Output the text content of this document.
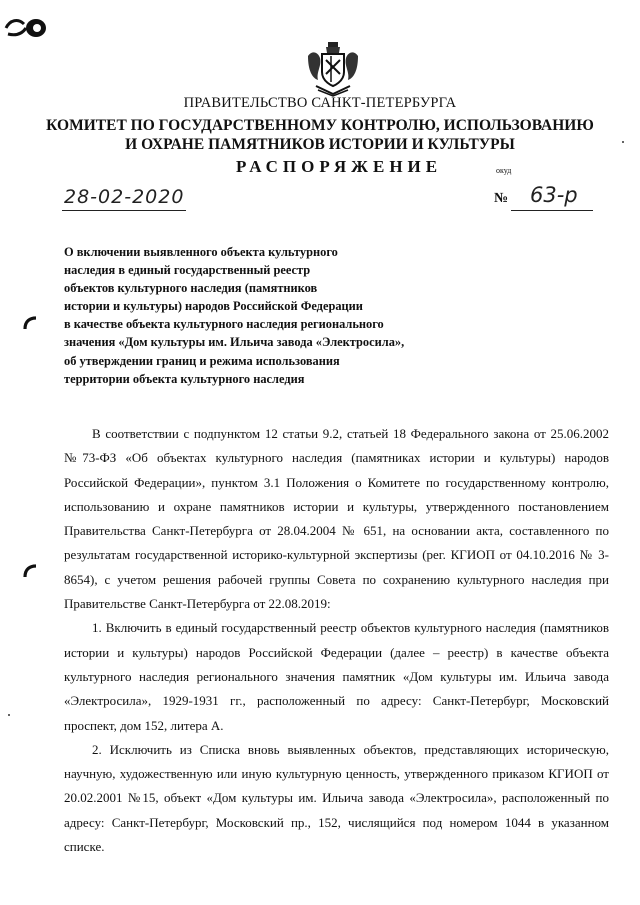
ПРАВИТЕЛЬСТВО САНКТ-ПЕТЕРБУРГА
КОМИТЕТ ПО ГОСУДАРСТВЕННОМУ КОНТРОЛЮ, ИСПОЛЬЗОВАНИЮ
И ОХРАНЕ ПАМЯТНИКОВ ИСТОРИИ И КУЛЬТУРЫ
РАСПОРЯЖЕНИЕ	окуд
28-02-2020	№ 63-р
О включении выявленного объекта культурного
наследия в единый государственный реестр
объектов культурного наследия (памятников
истории и культуры) народов Российской Федерации
в качестве объекта культурного наследия регионального
значения «Дом культуры им. Ильича завода «Электросила»,
об утверждении границ и режима использования
территории объекта культурного наследия

В соответствии с подпунктом 12 статьи 9.2, статьей 18 Федерального закона от 25.06.2002 №73-ФЗ «Об объектах культурного наследия (памятниках истории и культуры) народов Российской Федерации», пунктом 3.1 Положения о Комитете по государственному контролю, использованию и охране памятников истории и культуры, утвержденного постановлением Правительства Санкт-Петербурга от 28.04.2004 № 651, на основании акта, составленного по результатам государственной историко-культурной экспертизы (рег. КГИОП от 04.10.2016 № 3-8654), с учетом решения рабочей группы Совета по сохранению культурного наследия при Правительстве Санкт-Петербурга от 22.08.2019:

1. Включить в единый государственный реестр объектов культурного наследия (памятников истории и культуры) народов Российской Федерации (далее – реестр) в качестве объекта культурного наследия регионального значения памятник «Дом культуры им. Ильича завода «Электросила», 1929-1931 гг., расположенный по адресу: Санкт-Петербург, Московский проспект, дом 152, литера А.

2. Исключить из Списка вновь выявленных объектов, представляющих историческую, научную, художественную или иную культурную ценность, утвержденного приказом КГИОП от 20.02.2001 №15, объект «Дом культуры им. Ильича завода «Электросила», расположенный по адресу: Санкт-Петербург, Московский пр., 152, числящийся под номером 1044 в указанном списке.
